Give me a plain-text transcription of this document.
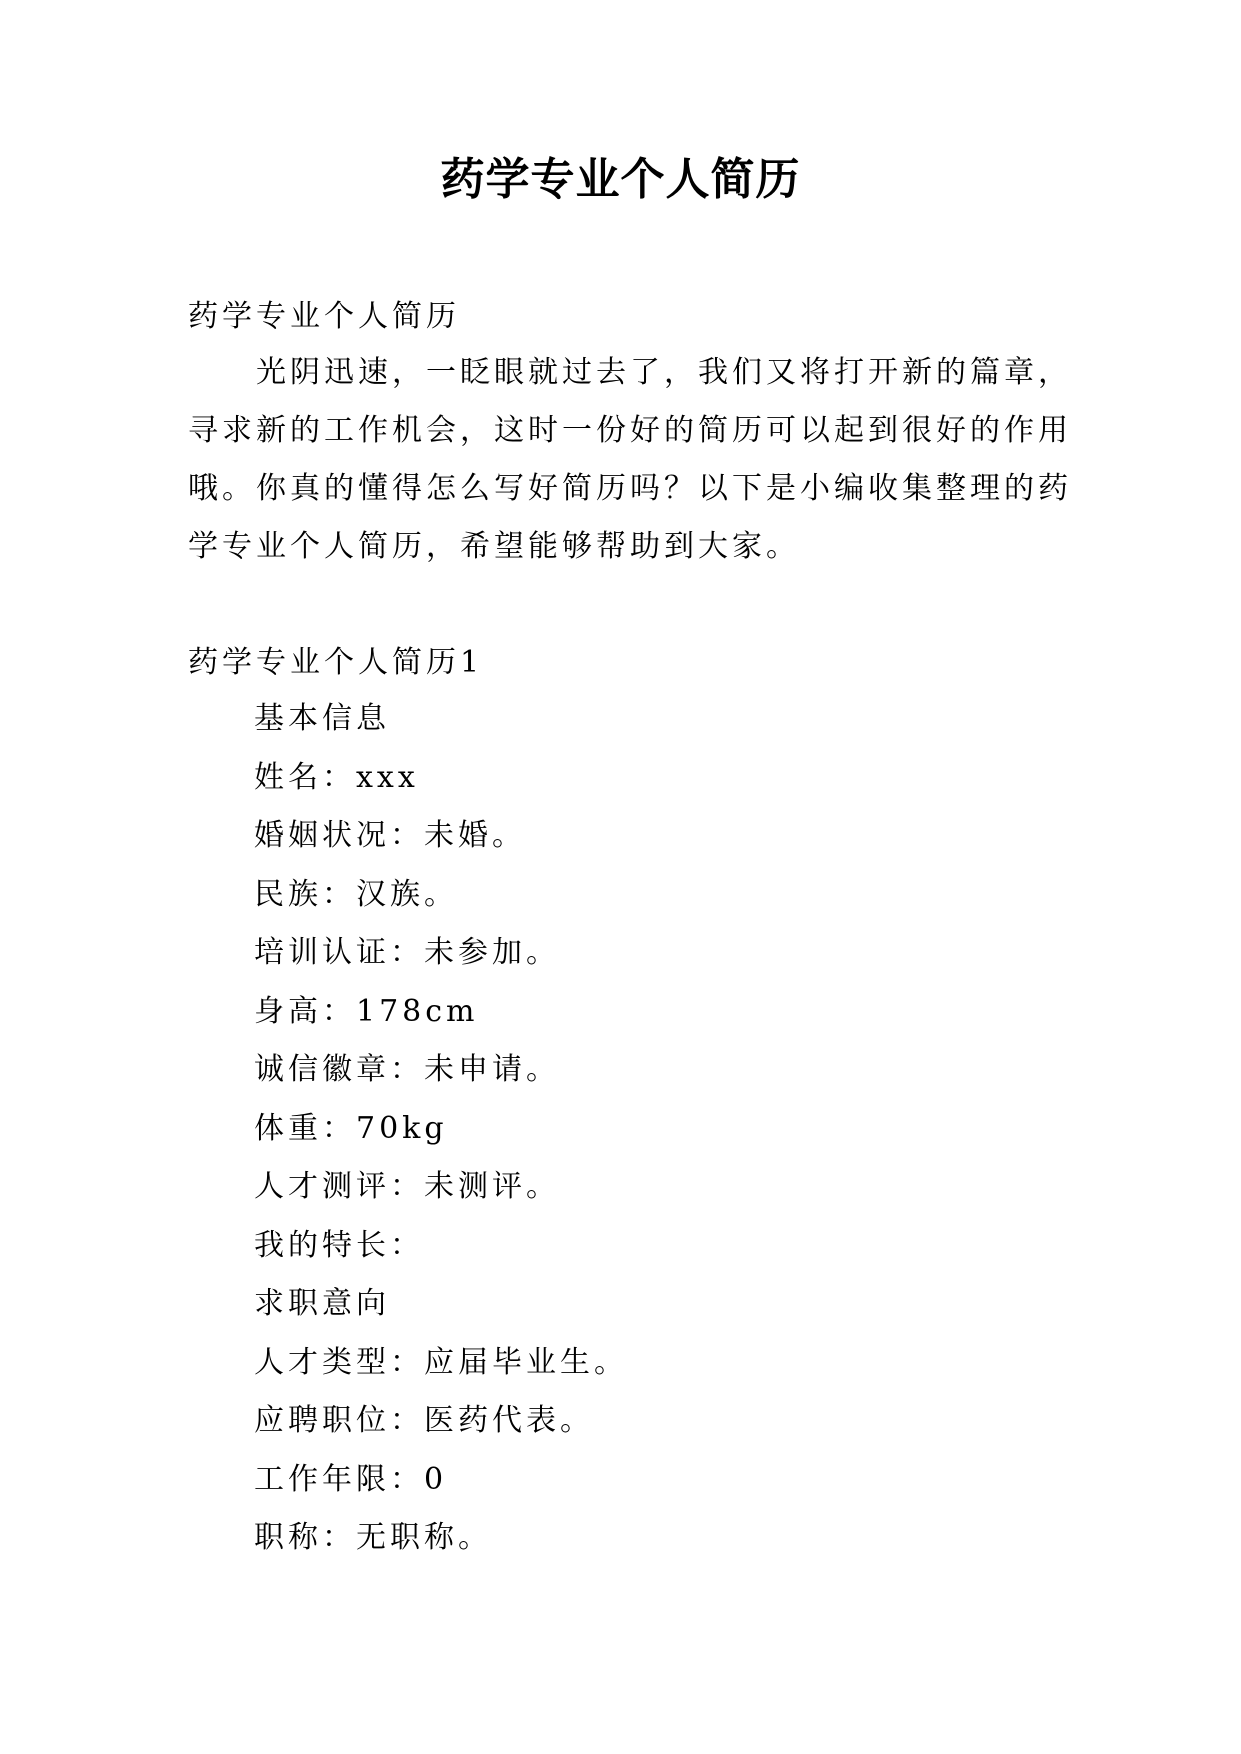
药学专业个人简历
药学专业个人简历
光阴迅速，一眨眼就过去了，我们又将打开新的篇章，寻求新的工作机会，这时一份好的简历可以起到很好的作用哦。你真的懂得怎么写好简历吗？以下是小编收集整理的药学专业个人简历，希望能够帮助到大家。
药学专业个人简历1
基本信息
姓名：xxx
婚姻状况：未婚。
民族：汉族。
培训认证：未参加。
身高：178cm
诚信徽章：未申请。
体重：70kg
人才测评：未测评。
我的特长：
求职意向
人才类型：应届毕业生。
应聘职位：医药代表。
工作年限：0
职称：无职称。
